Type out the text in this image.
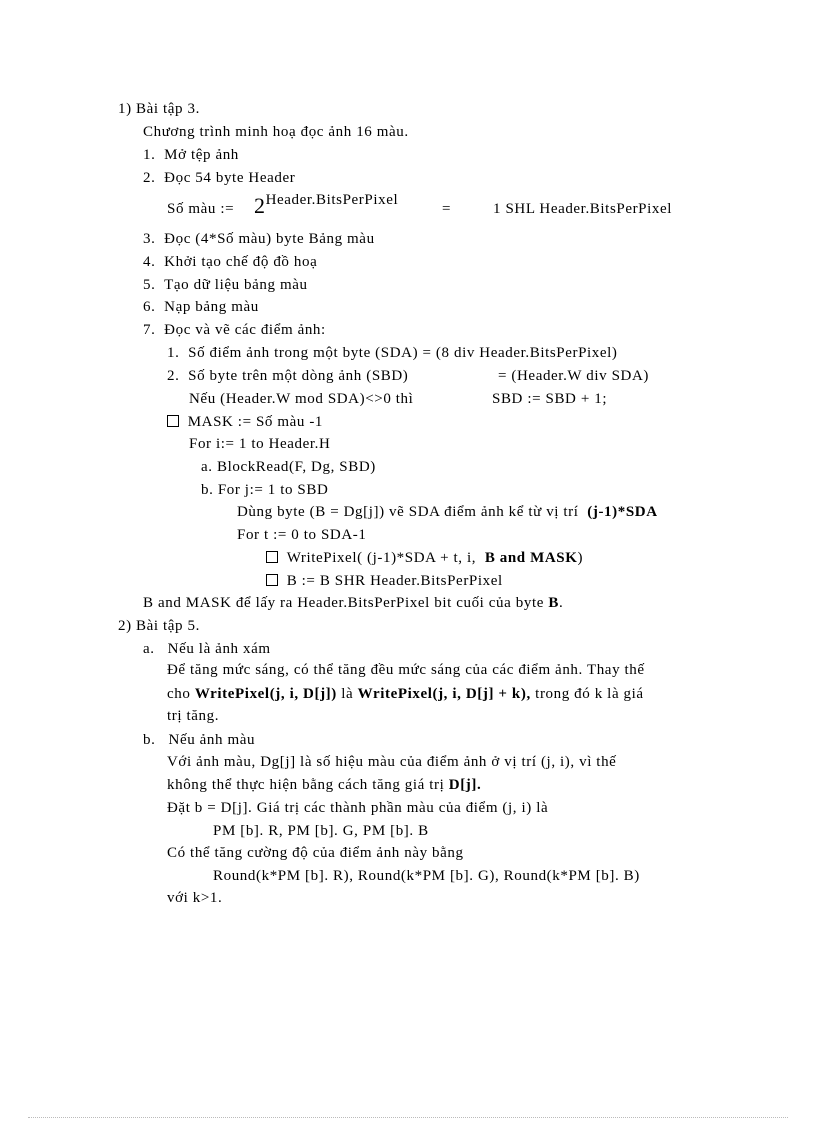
1) Bài tập 3.
Chương trình minh hoạ đọc ảnh 16 màu.
1. Mở tệp ảnh
2. Đọc 54 byte Header
Số màu := 2Header.BitsPerPixel
=	1 SHL Header.BitsPerPixel
3. Đọc (4*Số màu) byte Bảng màu
4. Khởi tạo chế độ đồ hoạ
5. Tạo dữ liệu bảng màu
6. Nạp bảng màu
7. Đọc và vẽ các điểm ảnh:
1. Số điểm ảnh trong một byte (SDA) = (8 div Header.BitsPerPixel)
2. Số byte trên một dòng ảnh (SBD)	= (Header.W div SDA)
Nếu (Header.W mod SDA)<>0 thì	SBD := SBD + 1;
MASK := Số màu -1
For i:= 1 to Header.H
a. BlockRead(F, Dg, SBD)
b. For j:= 1 to SBD
Dùng byte (B = Dg[j]) vẽ SDA điểm ảnh kể từ vị trí (j-1)*SDA
For t := 0 to SDA-1
WritePixel( (j-1)*SDA + t, i, B and MASK)
B := B SHR Header.BitsPerPixel
B and MASK để lấy ra Header.BitsPerPixel bit cuối của byte B.
2) Bài tập 5.
a. Nếu là ảnh xám
Để tăng mức sáng, có thể tăng đều mức sáng của các điểm ảnh. Thay thế
cho WritePixel(j, i, D[j]) là WritePixel(j, i, D[j] + k), trong đó k là giá
trị tăng.
b. Nếu ảnh màu
Với ảnh màu, Dg[j] là số hiệu màu của điểm ảnh ở vị trí (j, i), vì thế
không thể thực hiện bằng cách tăng giá trị D[j].
Đặt b = D[j]. Giá trị các thành phần màu của điểm (j, i) là
PM [b]. R, PM [b]. G, PM [b]. B
Có thể tăng cường độ của điểm ảnh này bằng
Round(k*PM [b]. R), Round(k*PM [b]. G), Round(k*PM [b]. B)
với k>1.
